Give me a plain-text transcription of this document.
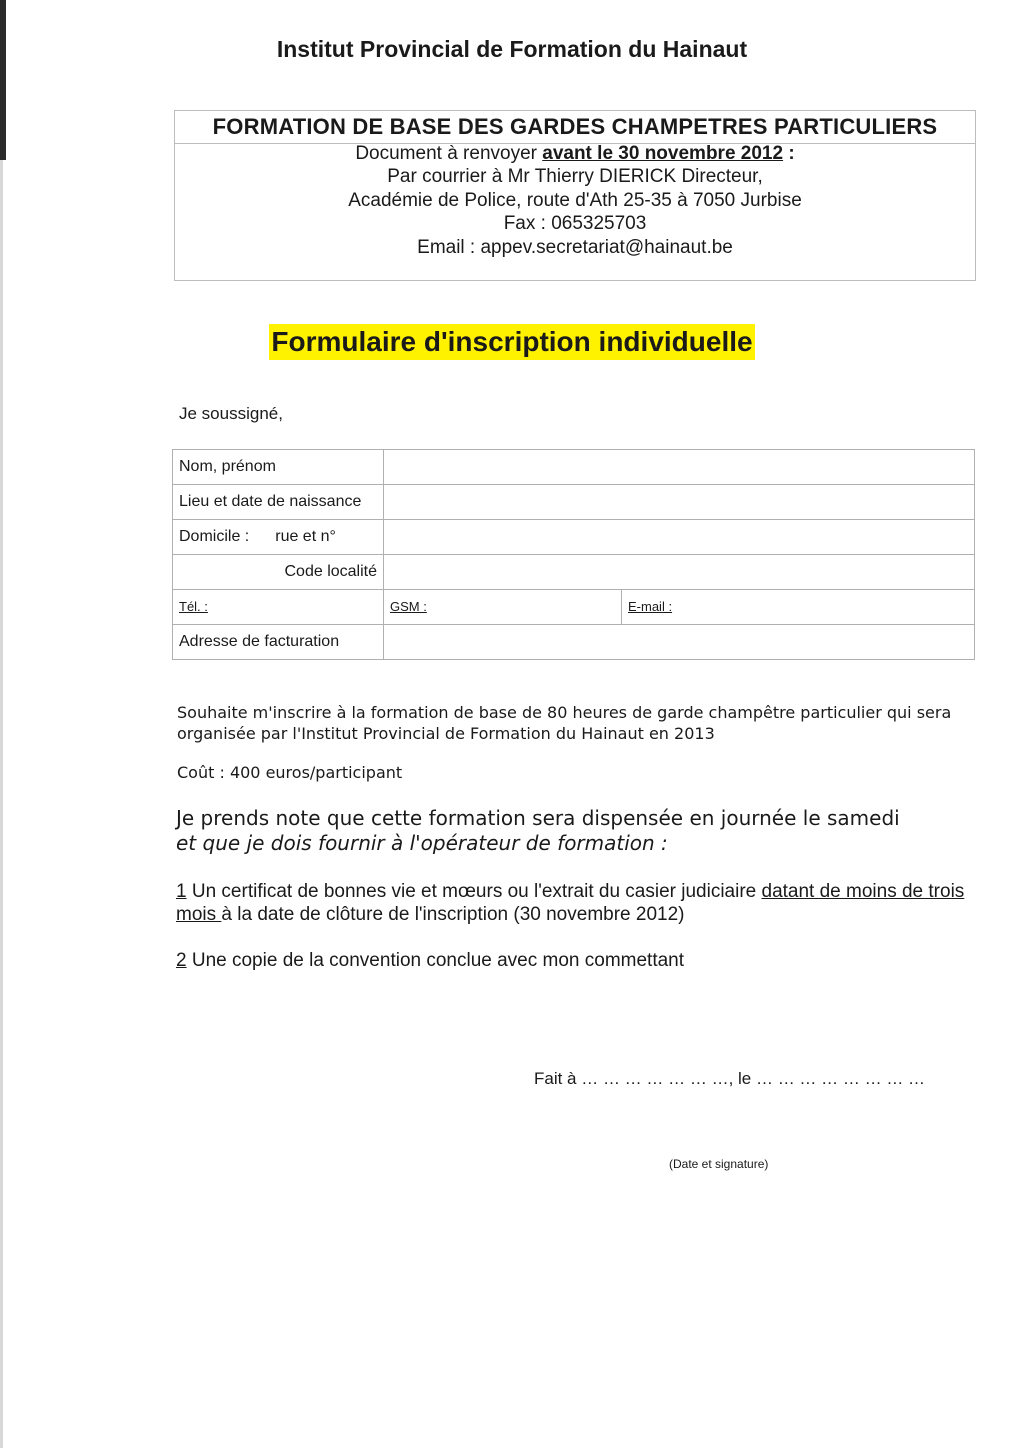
Institut Provincial de Formation du Hainaut
FORMATION DE BASE DES GARDES CHAMPETRES PARTICULIERS
Document à renvoyer avant le 30 novembre 2012 :
Par courrier à Mr Thierry DIERICK Directeur,
Académie de Police, route d'Ath 25-35 à 7050 Jurbise
Fax : 065325703
Email : appev.secretariat@hainaut.be
Formulaire d'inscription individuelle
Je soussigné,
Nom, prénom		
Lieu et date de naissance		
Domicile : rue et n°		
Code localité		
Tél. :	GSM :	E-mail :
Adresse de facturation		
Souhaite m'inscrire à la formation de base de 80 heures de garde champêtre particulier qui sera organisée par l'Institut Provincial de Formation du Hainaut en 2013
Coût : 400 euros/participant
Je prends note que cette formation sera dispensée en journée le samedi
et que je dois fournir à l'opérateur de formation :
1 Un certificat de bonnes vie et mœurs ou l'extrait du casier judiciaire datant de moins de trois mois à la date de clôture de l'inscription (30 novembre 2012)
2 Une copie de la convention conclue avec mon commettant
Fait à … … … … … … …, le … … … … … … … …
(Date et signature)
